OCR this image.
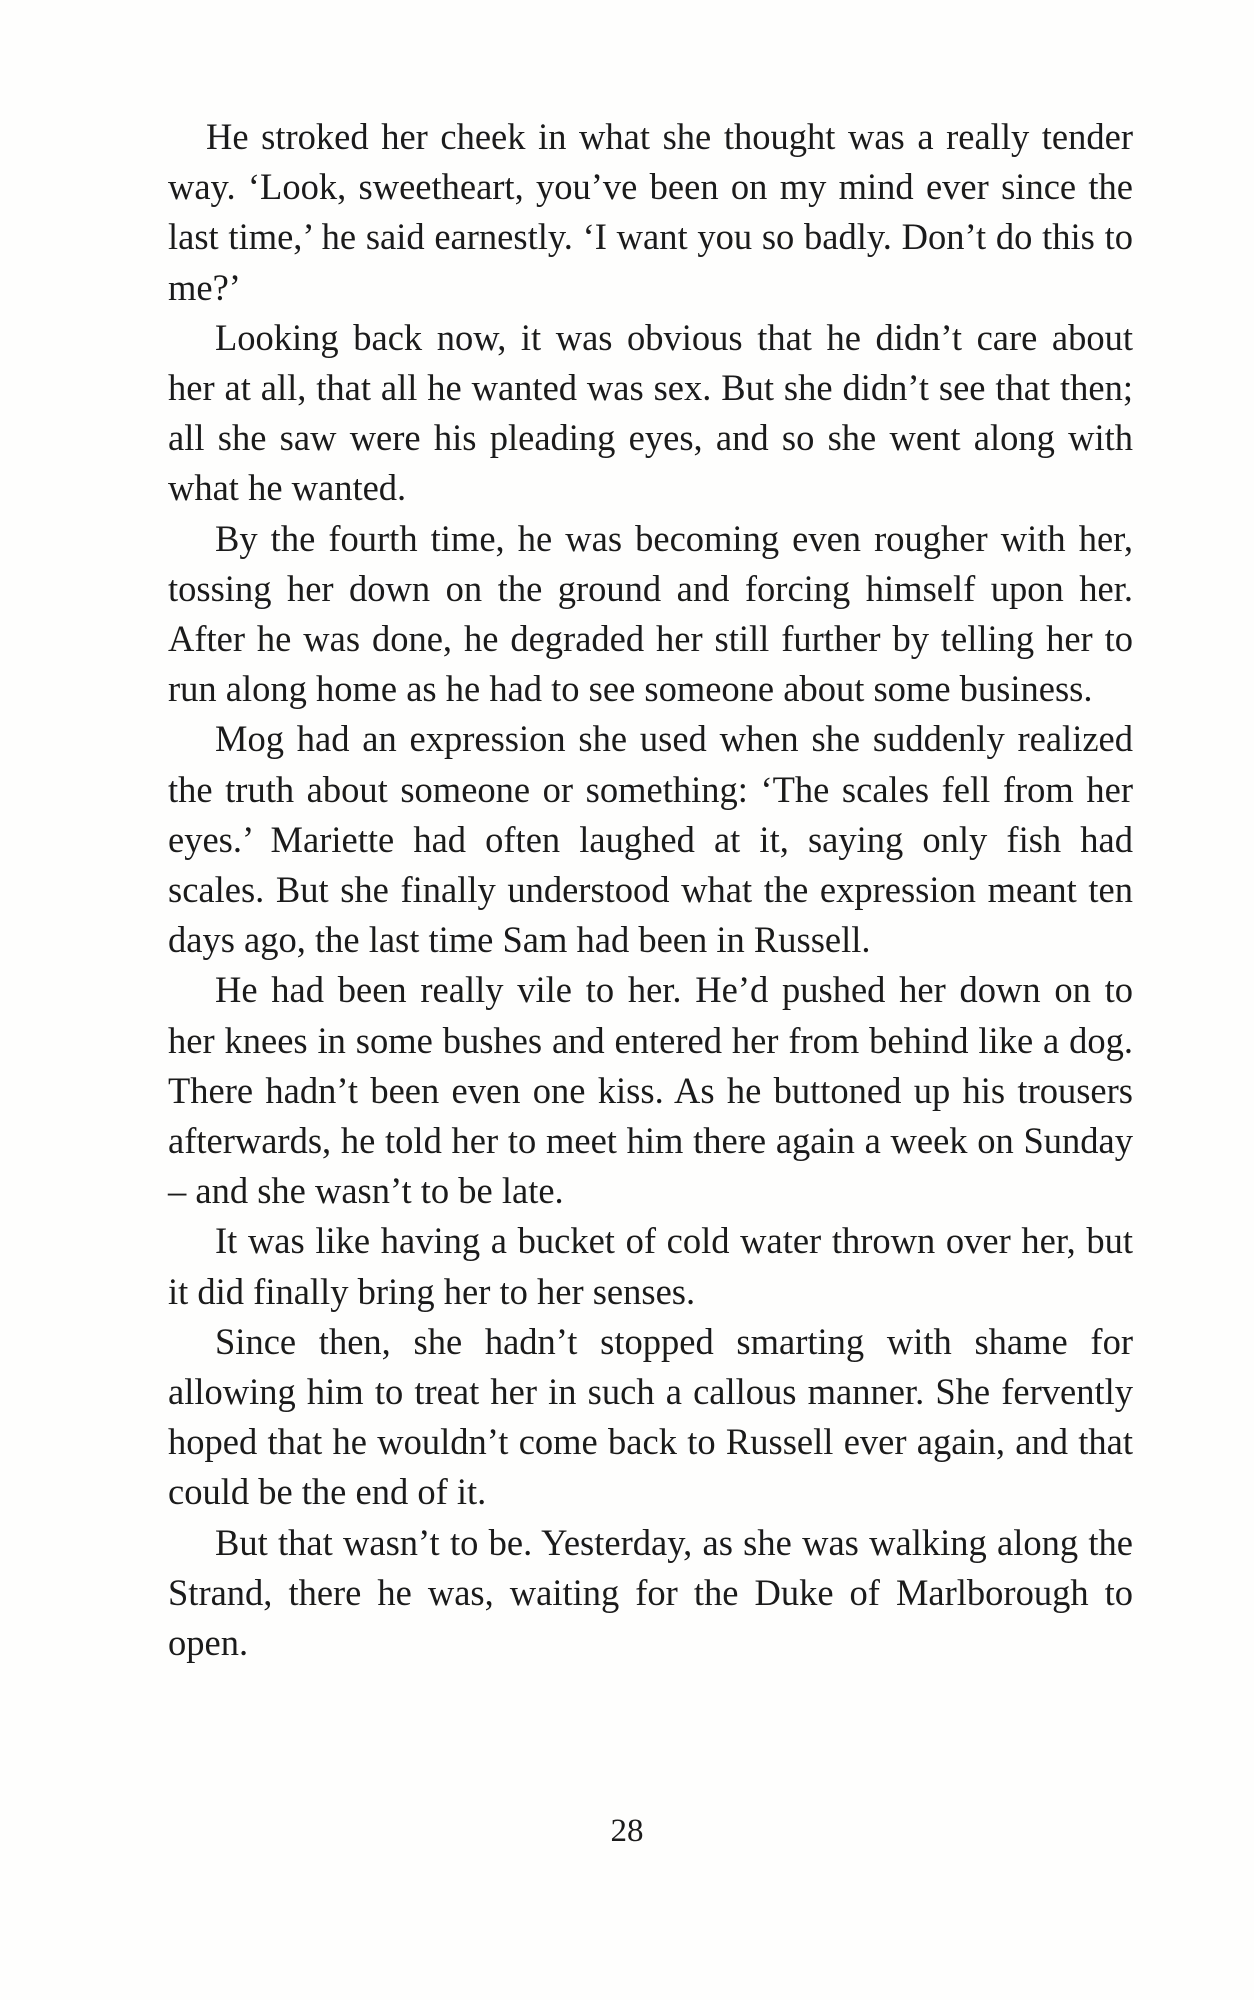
He stroked her cheek in what she thought was a really tender way. ‘Look, sweetheart, you’ve been on my mind ever since the last time,’ he said earnestly. ‘I want you so badly. Don’t do this to me?’

Looking back now, it was obvious that he didn’t care about her at all, that all he wanted was sex. But she didn’t see that then; all she saw were his pleading eyes, and so she went along with what he wanted.

By the fourth time, he was becoming even rougher with her, tossing her down on the ground and forcing himself upon her. After he was done, he degraded her still further by telling her to run along home as he had to see someone about some business.

Mog had an expression she used when she suddenly realized the truth about someone or something: ‘The scales fell from her eyes.’ Mariette had often laughed at it, saying only fish had scales. But she finally understood what the expression meant ten days ago, the last time Sam had been in Russell.

He had been really vile to her. He’d pushed her down on to her knees in some bushes and entered her from behind like a dog. There hadn’t been even one kiss. As he buttoned up his trousers afterwards, he told her to meet him there again a week on Sunday – and she wasn’t to be late.

It was like having a bucket of cold water thrown over her, but it did finally bring her to her senses.

Since then, she hadn’t stopped smarting with shame for allowing him to treat her in such a callous manner. She fervently hoped that he wouldn’t come back to Russell ever again, and that could be the end of it.

But that wasn’t to be. Yesterday, as she was walking along the Strand, there he was, waiting for the Duke of Marlborough to open.

28
